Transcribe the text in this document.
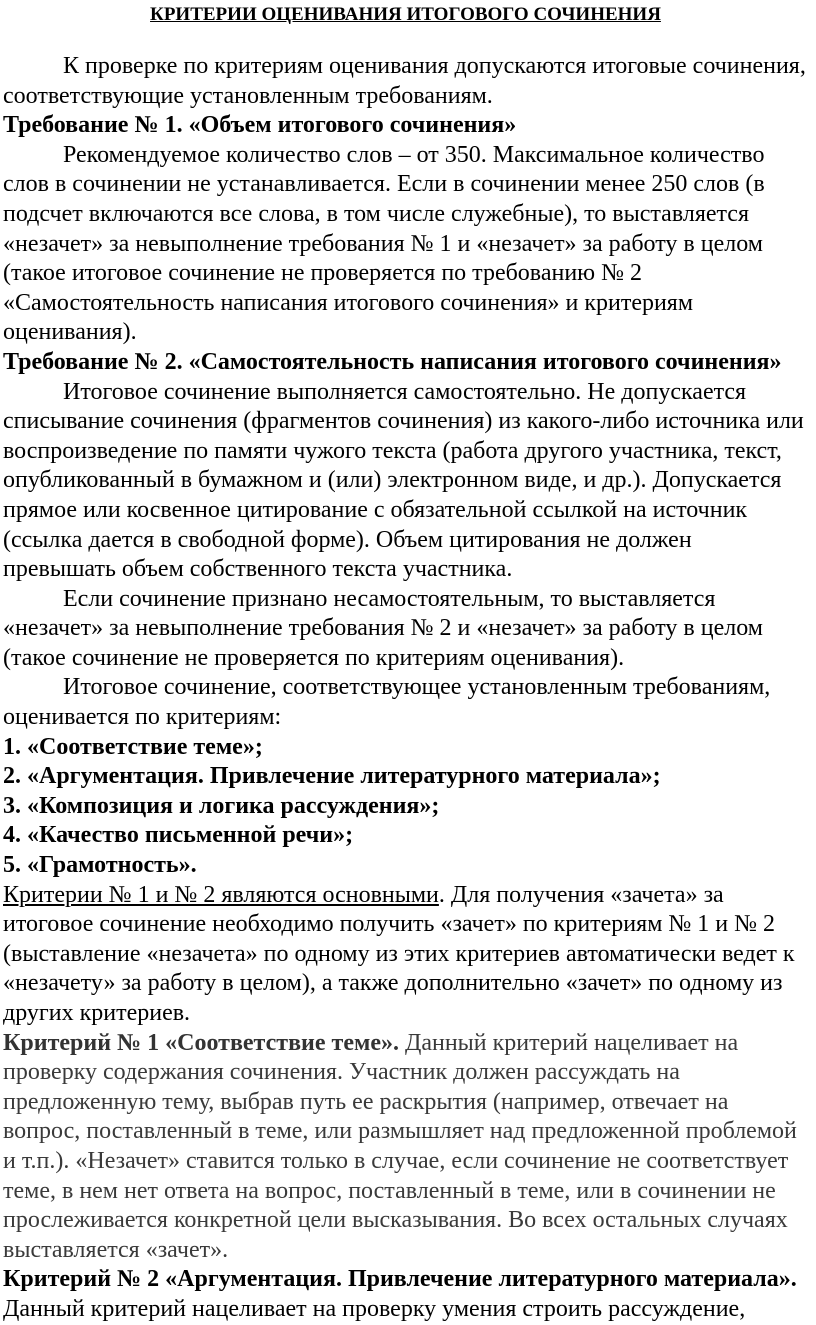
КРИТЕРИИ ОЦЕНИВАНИЯ ИТОГОВОГО СОЧИНЕНИЯ

К проверке по критериям оценивания допускаются итоговые сочинения, соответствующие установленным требованиям.

Требование № 1. «Объем итогового сочинения»

Рекомендуемое количество слов – от 350. Максимальное количество слов в сочинении не устанавливается. Если в сочинении менее 250 слов (в подсчет включаются все слова, в том числе служебные), то выставляется «незачет» за невыполнение требования № 1 и «незачет» за работу в целом (такое итоговое сочинение не проверяется по требованию № 2 «Самостоятельность написания итогового сочинения» и критериям оценивания).

Требование № 2. «Самостоятельность написания итогового сочинения»

Итоговое сочинение выполняется самостоятельно. Не допускается списывание сочинения (фрагментов сочинения) из какого-либо источника или воспроизведение по памяти чужого текста (работа другого участника, текст, опубликованный в бумажном и (или) электронном виде, и др.). Допускается прямое или косвенное цитирование с обязательной ссылкой на источник (ссылка дается в свободной форме). Объем цитирования не должен превышать объем собственного текста участника.

Если сочинение признано несамостоятельным, то выставляется «незачет» за невыполнение требования № 2 и «незачет» за работу в целом (такое сочинение не проверяется по критериям оценивания).

Итоговое сочинение, соответствующее установленным требованиям, оценивается по критериям:

1. «Соответствие теме»;

2. «Аргументация. Привлечение литературного материала»;

3. «Композиция и логика рассуждения»;

4. «Качество письменной речи»;

5. «Грамотность».

Критерии № 1 и № 2 являются основными. Для получения «зачета» за итоговое сочинение необходимо получить «зачет» по критериям № 1 и № 2 (выставление «незачета» по одному из этих критериев автоматически ведет к «незачету» за работу в целом), а также дополнительно «зачет» по одному из других критериев.

Критерий № 1 «Соответствие теме». Данный критерий нацеливает на проверку содержания сочинения. Участник должен рассуждать на предложенную тему, выбрав путь ее раскрытия (например, отвечает на вопрос, поставленный в теме, или размышляет над предложенной проблемой и т.п.). «Незачет» ставится только в случае, если сочинение не соответствует теме, в нем нет ответа на вопрос, поставленный в теме, или в сочинении не прослеживается конкретной цели высказывания. Во всех остальных случаях выставляется «зачет».

Критерий № 2 «Аргументация. Привлечение литературного материала».

Данный критерий нацеливает на проверку умения строить рассуждение,
